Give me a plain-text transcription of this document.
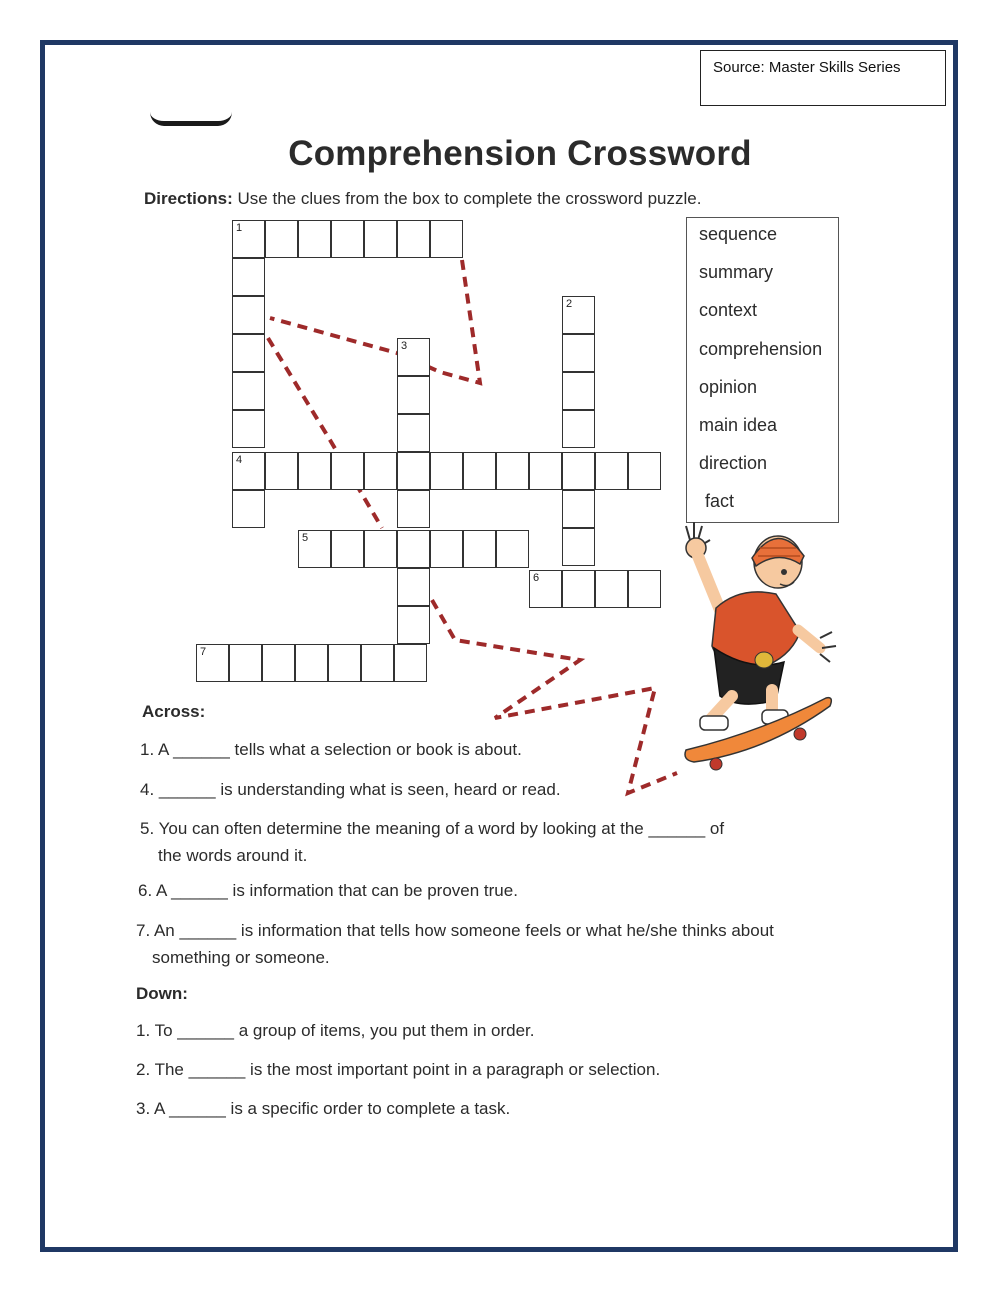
Source: Master Skills Series
Comprehension Crossword
Directions: Use the clues from the box to complete the crossword puzzle.
1
2
3
4
5
6
7
sequence
summary
context
comprehension
opinion
main idea
direction
fact
Across:
1. A ______ tells what a selection or book is about.
4. ______ is understanding what is seen, heard or read.
5. You can often determine the meaning of a word by looking at the ______ of
the words around it.
6. A ______ is information that can be proven true.
7. An ______ is information that tells how someone feels or what he/she thinks about
something or someone.
Down:
1. To ______ a group of items, you put them in order.
2. The ______ is the most important point in a paragraph or selection.
3. A ______ is a specific order to complete a task.
